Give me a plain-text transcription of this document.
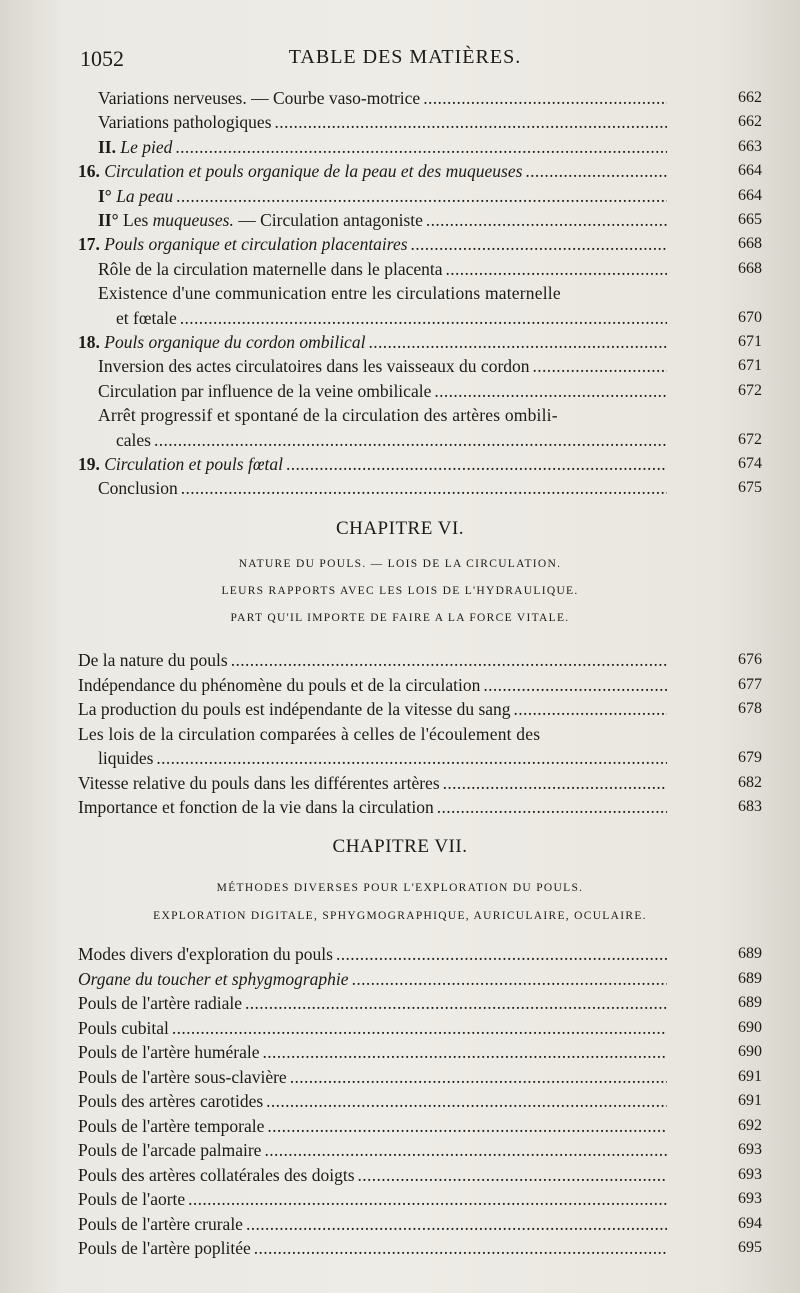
1052	TABLE DES MATIÈRES.
Variations nerveuses. — Courbe vaso-motrice . . .	662
Variations pathologiques . . .	662
II. Le pied . . .	663
16. Circulation et pouls organique de la peau et des muqueuses . . .	664
I° La peau . . .	664
II° Les muqueuses. — Circulation antagoniste . . .	665
17. Pouls organique et circulation placentaires . . .	668
Rôle de la circulation maternelle dans le placenta . . .	668
Existence d'une communication entre les circulations maternelle
et fœtale . . .	670
18. Pouls organique du cordon ombilical . . .	671
Inversion des actes circulatoires dans les vaisseaux du cordon . . .	671
Circulation par influence de la veine ombilicale . . .	672
Arrêt progressif et spontané de la circulation des artères ombili-
cales . . .	672
19. Circulation et pouls fœtal . . .	674
Conclusion . . .	675
CHAPITRE VI.
NATURE DU POULS. — LOIS DE LA CIRCULATION.
LEURS RAPPORTS AVEC LES LOIS DE L'HYDRAULIQUE.
PART QU'IL IMPORTE DE FAIRE A LA FORCE VITALE.
De la nature du pouls . . .	676
Indépendance du phénomène du pouls et de la circulation . . .	677
La production du pouls est indépendante de la vitesse du sang . . .	678
Les lois de la circulation comparées à celles de l'écoulement des
liquides . . .	679
Vitesse relative du pouls dans les différentes artères . . .	682
Importance et fonction de la vie dans la circulation . . .	683
CHAPITRE VII.
MÉTHODES DIVERSES POUR L'EXPLORATION DU POULS.
EXPLORATION DIGITALE, SPHYGMOGRAPHIQUE, AURICULAIRE, OCULAIRE.
Modes divers d'exploration du pouls . . .	689
Organe du toucher et sphygmographie . . .	689
Pouls de l'artère radiale . . .	689
Pouls cubital . . .	690
Pouls de l'artère humérale . . .	690
Pouls de l'artère sous-clavière . . .	691
Pouls des artères carotides . . .	691
Pouls de l'artère temporale . . .	692
Pouls de l'arcade palmaire . . .	693
Pouls des artères collatérales des doigts . . .	693
Pouls de l'aorte . . .	693
Pouls de l'artère crurale . . .	694
Pouls de l'artère poplitée . . .	695
